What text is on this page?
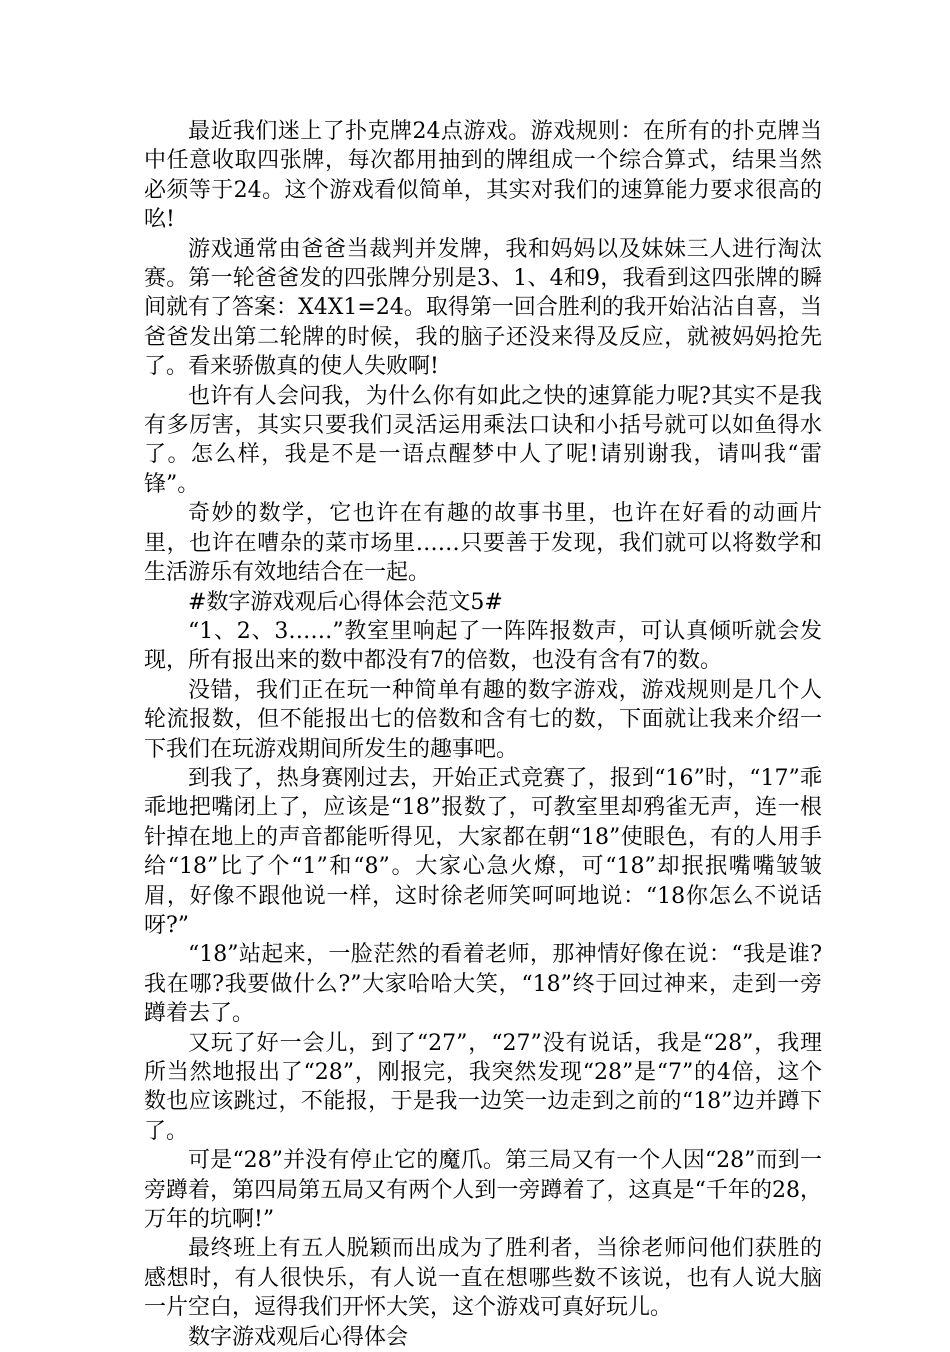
最近我们迷上了扑克牌24点游戏。游戏规则：在所有的扑克牌当中任意收取四张牌，每次都用抽到的牌组成一个综合算式，结果当然必须等于24。这个游戏看似简单，其实对我们的速算能力要求很高的吆!

游戏通常由爸爸当裁判并发牌，我和妈妈以及妹妹三人进行淘汰赛。第一轮爸爸发的四张牌分别是3、1、4和9，我看到这四张牌的瞬间就有了答案：X4X1=24。取得第一回合胜利的我开始沾沾自喜，当爸爸发出第二轮牌的时候，我的脑子还没来得及反应，就被妈妈抢先了。看来骄傲真的使人失败啊!

也许有人会问我，为什么你有如此之快的速算能力呢?其实不是我有多厉害，其实只要我们灵活运用乘法口诀和小括号就可以如鱼得水了。怎么样，我是不是一语点醒梦中人了呢!请别谢我，请叫我“雷锋”。

奇妙的数学，它也许在有趣的故事书里，也许在好看的动画片里，也许在嘈杂的菜市场里……只要善于发现，我们就可以将数学和生活游乐有效地结合在一起。

#数字游戏观后心得体会范文5#

“1、2、3……”教室里响起了一阵阵报数声，可认真倾听就会发现，所有报出来的数中都没有7的倍数，也没有含有7的数。

没错，我们正在玩一种简单有趣的数字游戏，游戏规则是几个人轮流报数，但不能报出七的倍数和含有七的数，下面就让我来介绍一下我们在玩游戏期间所发生的趣事吧。

到我了，热身赛刚过去，开始正式竞赛了，报到“16”时，“17”乖乖地把嘴闭上了，应该是“18”报数了，可教室里却鸦雀无声，连一根针掉在地上的声音都能听得见，大家都在朝“18”使眼色，有的人用手给“18”比了个“1”和“8”。大家心急火燎，可“18”却抿抿嘴嘴皱皱眉，好像不跟他说一样，这时徐老师笑呵呵地说：“18你怎么不说话呀?”

“18”站起来，一脸茫然的看着老师，那神情好像在说：“我是谁?我在哪?我要做什么?”大家哈哈大笑，“18”终于回过神来，走到一旁蹲着去了。

又玩了好一会儿，到了“27”，“27”没有说话，我是“28”，我理所当然地报出了“28”，刚报完，我突然发现“28”是“7”的4倍，这个数也应该跳过，不能报，于是我一边笑一边走到之前的“18”边并蹲下了。

可是“28”并没有停止它的魔爪。第三局又有一个人因“28”而到一旁蹲着，第四局第五局又有两个人到一旁蹲着了，这真是“千年的28，万年的坑啊!”

最终班上有五人脱颖而出成为了胜利者，当徐老师问他们获胜的感想时，有人很快乐，有人说一直在想哪些数不该说，也有人说大脑一片空白，逗得我们开怀大笑，这个游戏可真好玩儿。

数字游戏观后心得体会
